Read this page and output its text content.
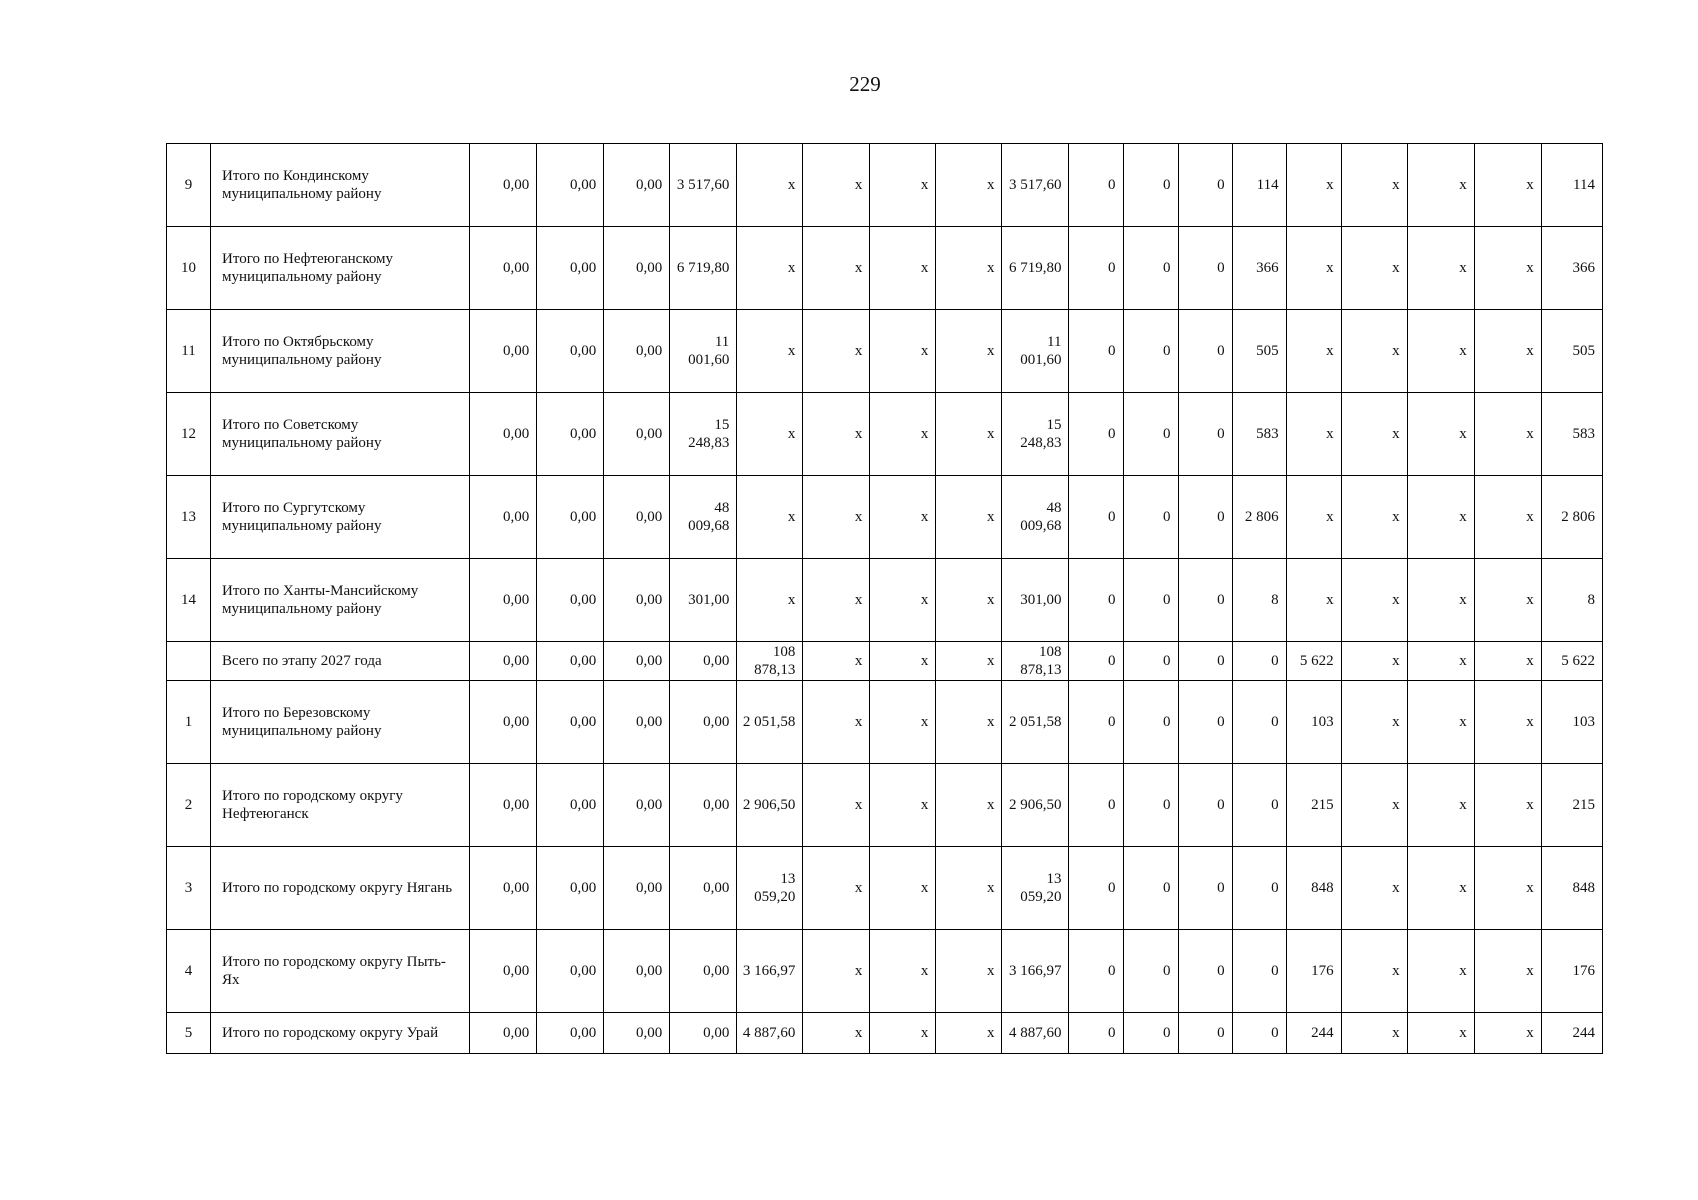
229
9	Итого по Кондинскому муниципальному району	0,00	0,00	0,00	3 517,60	x	x	x	x	3 517,60	0	0	0	114	x	x	x	x	114
10	Итого по Нефтеюганскому муниципальному району	0,00	0,00	0,00	6 719,80	x	x	x	x	6 719,80	0	0	0	366	x	x	x	x	366
11	Итого по Октябрьскому муниципальному району	0,00	0,00	0,00	11 001,60	x	x	x	x	11 001,60	0	0	0	505	x	x	x	x	505
12	Итого по Советскому муниципальному району	0,00	0,00	0,00	15 248,83	x	x	x	x	15 248,83	0	0	0	583	x	x	x	x	583
13	Итого по Сургутскому муниципальному району	0,00	0,00	0,00	48 009,68	x	x	x	x	48 009,68	0	0	0	2 806	x	x	x	x	2 806
14	Итого по Ханты-Мансийскому муниципальному району	0,00	0,00	0,00	301,00	x	x	x	x	301,00	0	0	0	8	x	x	x	x	8
	Всего по этапу 2027 года	0,00	0,00	0,00	0,00	108 878,13	x	x	x	108 878,13	0	0	0	0	5 622	x	x	x	5 622
1	Итого по Березовскому муниципальному району	0,00	0,00	0,00	0,00	2 051,58	x	x	x	2 051,58	0	0	0	0	103	x	x	x	103
2	Итого по городскому округу Нефтеюганск	0,00	0,00	0,00	0,00	2 906,50	x	x	x	2 906,50	0	0	0	0	215	x	x	x	215
3	Итого по городскому округу Нягань	0,00	0,00	0,00	0,00	13 059,20	x	x	x	13 059,20	0	0	0	0	848	x	x	x	848
4	Итого по городскому округу Пыть-Ях	0,00	0,00	0,00	0,00	3 166,97	x	x	x	3 166,97	0	0	0	0	176	x	x	x	176
5	Итого по городскому округу Урай	0,00	0,00	0,00	0,00	4 887,60	x	x	x	4 887,60	0	0	0	0	244	x	x	x	244
